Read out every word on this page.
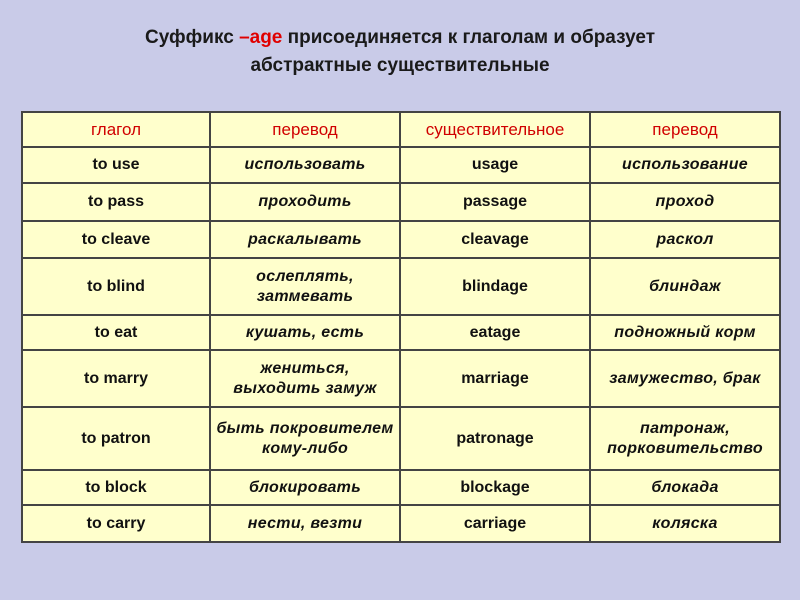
Суффикс –age присоединяется к глаголам и образует
абстрактные существительные
глагол	перевод	существительное	перевод
to use	использовать	usage	использование

to pass	проходить	passage	проход

to cleave	раскалывать	cleavage	раскол

to blind	ослеплять,
затмевать	blindage	блиндаж

to eat	кушать, есть	eatage	подножный корм

to marry	жениться,
выходить замуж	marriage	замужество, брак

to patron	быть покровителем
кому-либо	patronage	патронаж,
порковительство

to block	блокировать	blockage	блокада

to carry	нести, везти	carriage	коляска
